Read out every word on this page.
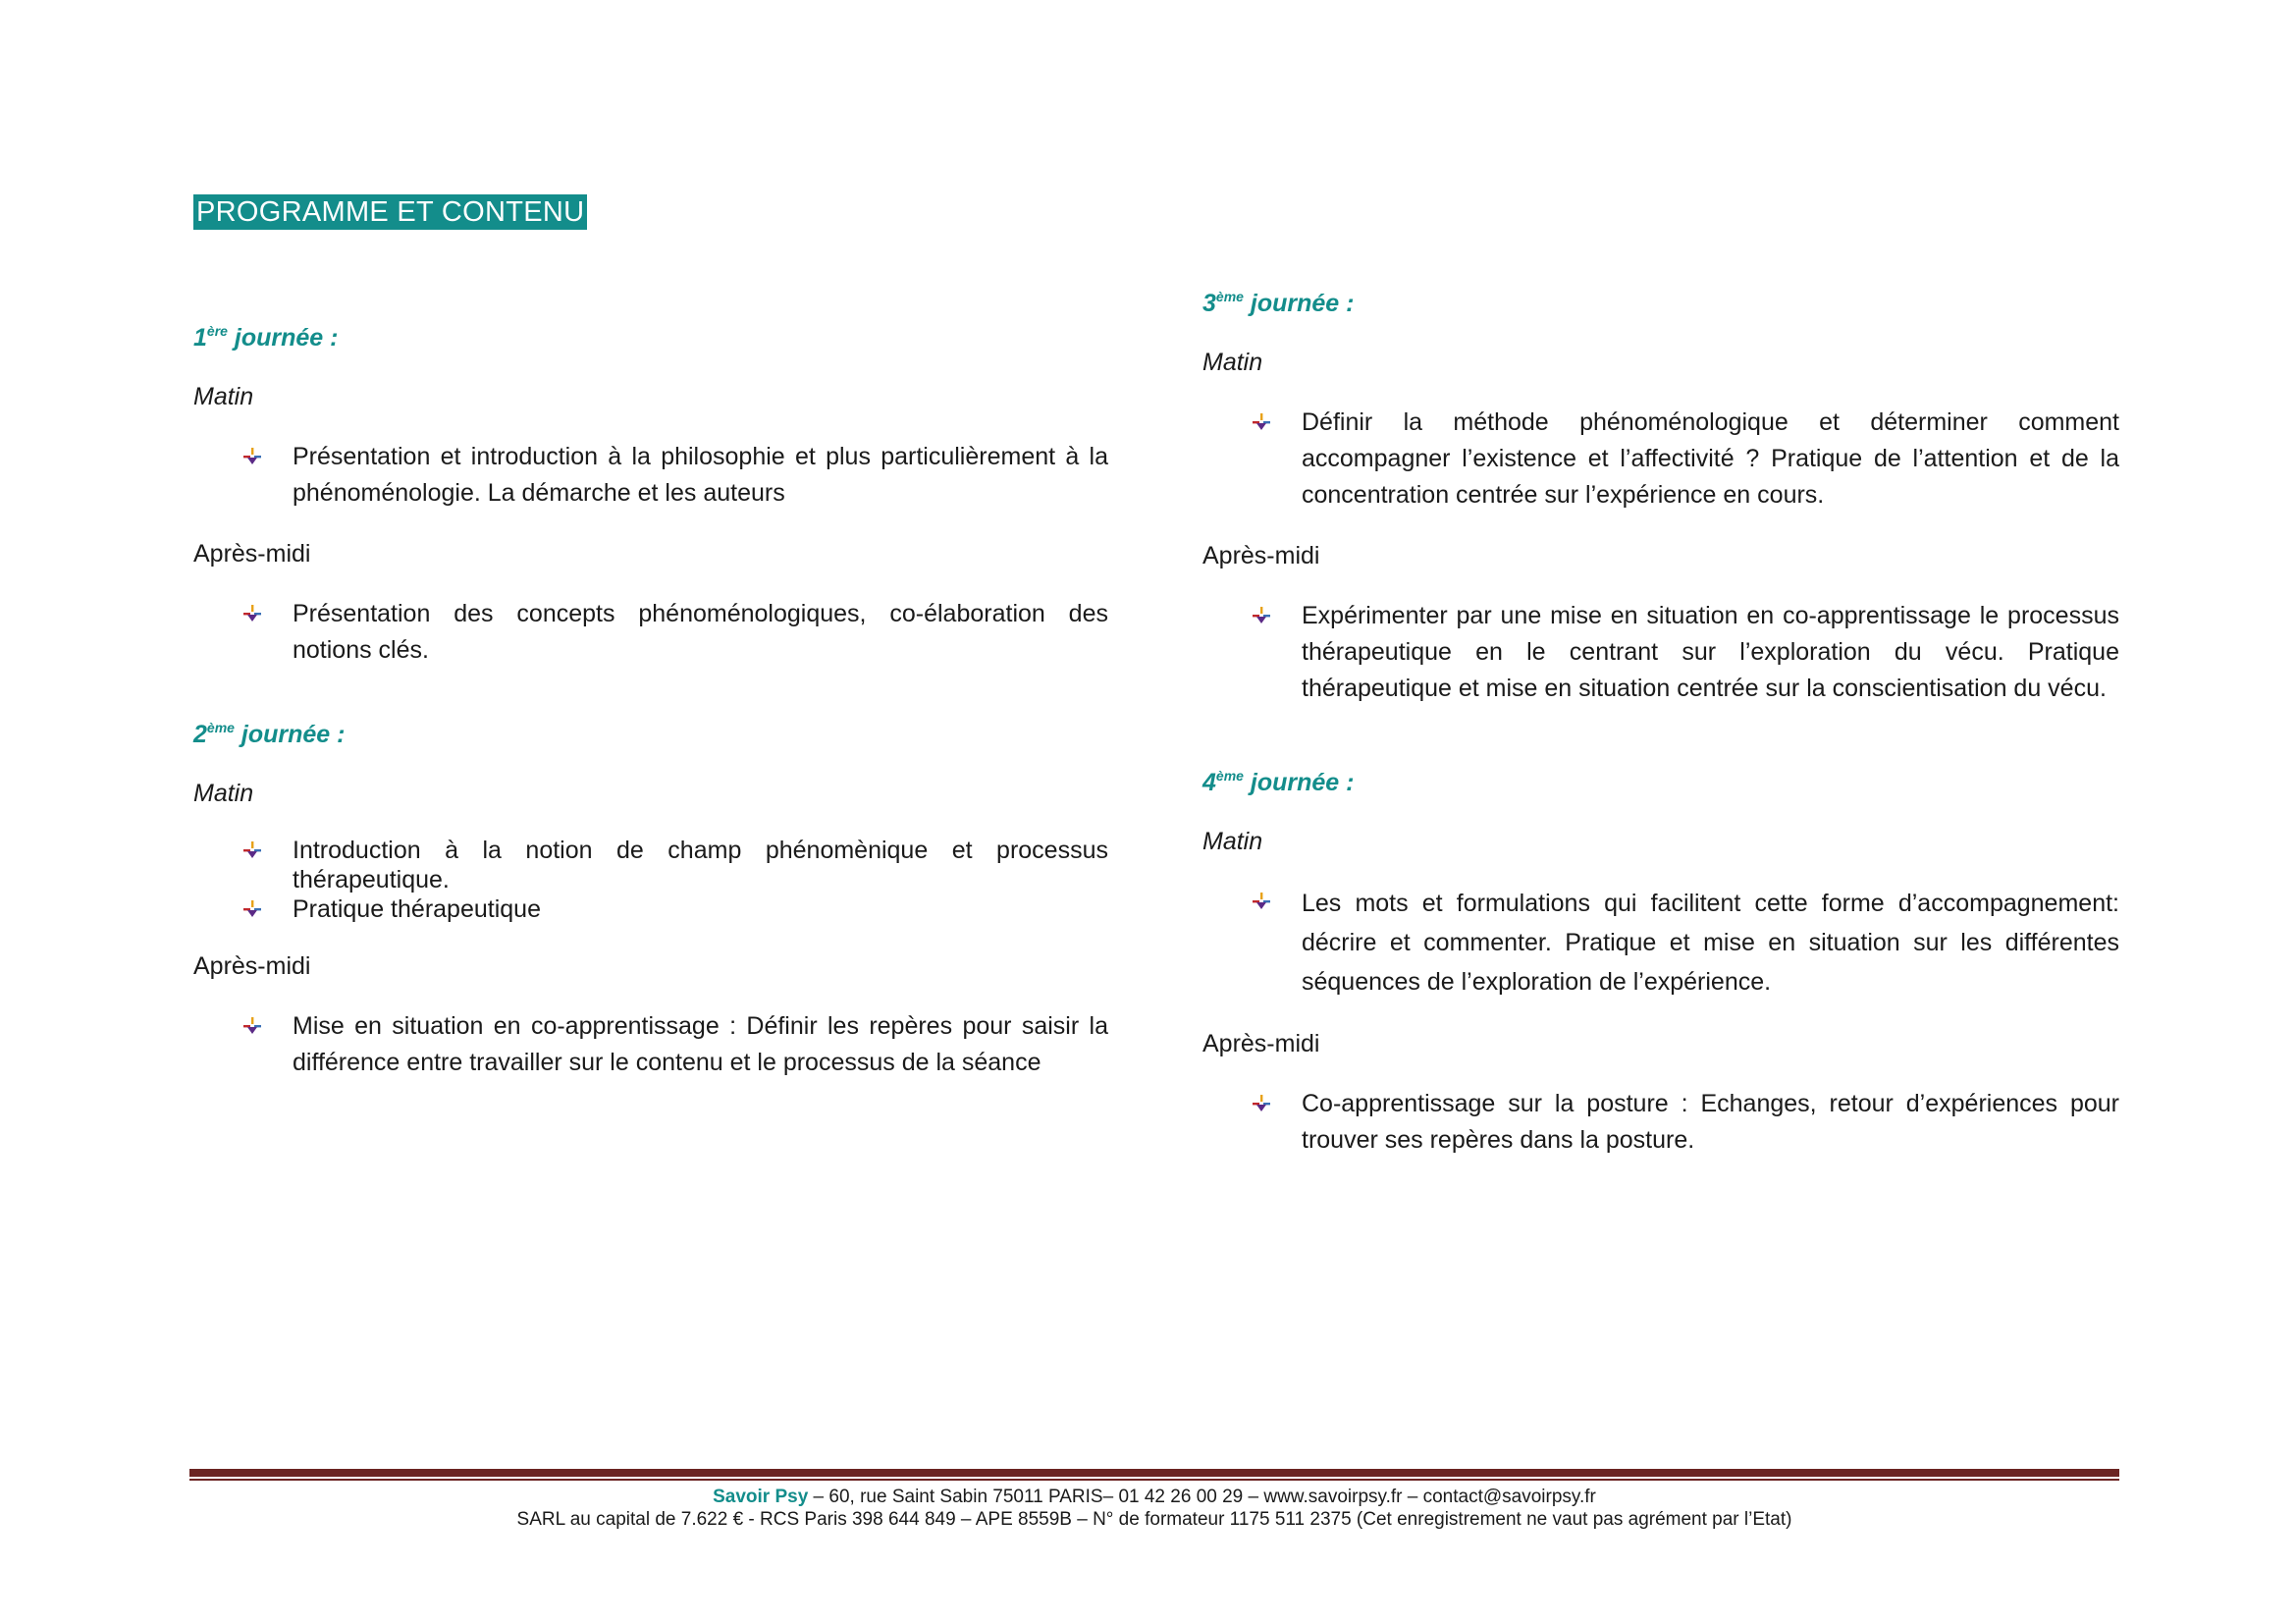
PROGRAMME ET CONTENU

1ère journée :

Matin

Présentation et introduction à la philosophie et plus particulièrement à la phénoménologie. La démarche et les auteurs

Après-midi

Présentation des concepts phénoménologiques, co-élaboration des notions clés.

2ème journée :

Matin

Introduction à la notion de champ phénomènique et processus thérapeutique.
Pratique thérapeutique

Après-midi

Mise en situation en co-apprentissage : Définir les repères pour saisir la différence entre travailler sur le contenu et le processus de la séance

3ème journée :

Matin

Définir la méthode phénoménologique et déterminer comment accompagner l’existence et l’affectivité ? Pratique de l’attention et de la concentration centrée sur l’expérience en cours.

Après-midi

Expérimenter par une mise en situation en co-apprentissage le processus thérapeutique en le centrant sur l’exploration du vécu. Pratique thérapeutique et mise en situation centrée sur la conscientisation du vécu.

4ème journée :

Matin

Les mots et formulations qui facilitent cette forme d’accompagnement: décrire et commenter. Pratique et mise en situation sur les différentes séquences de l’exploration de l’expérience.

Après-midi

Co-apprentissage sur la posture : Echanges, retour d’expériences pour trouver ses repères dans la posture.
Savoir Psy – 60, rue Saint Sabin 75011 PARIS– 01 42 26 00 29 – www.savoirpsy.fr – contact@savoirpsy.fr
SARL au capital de 7.622 € - RCS Paris 398 644 849 – APE 8559B – N° de formateur 1175 511 2375 (Cet enregistrement ne vaut pas agrément par l’Etat)
